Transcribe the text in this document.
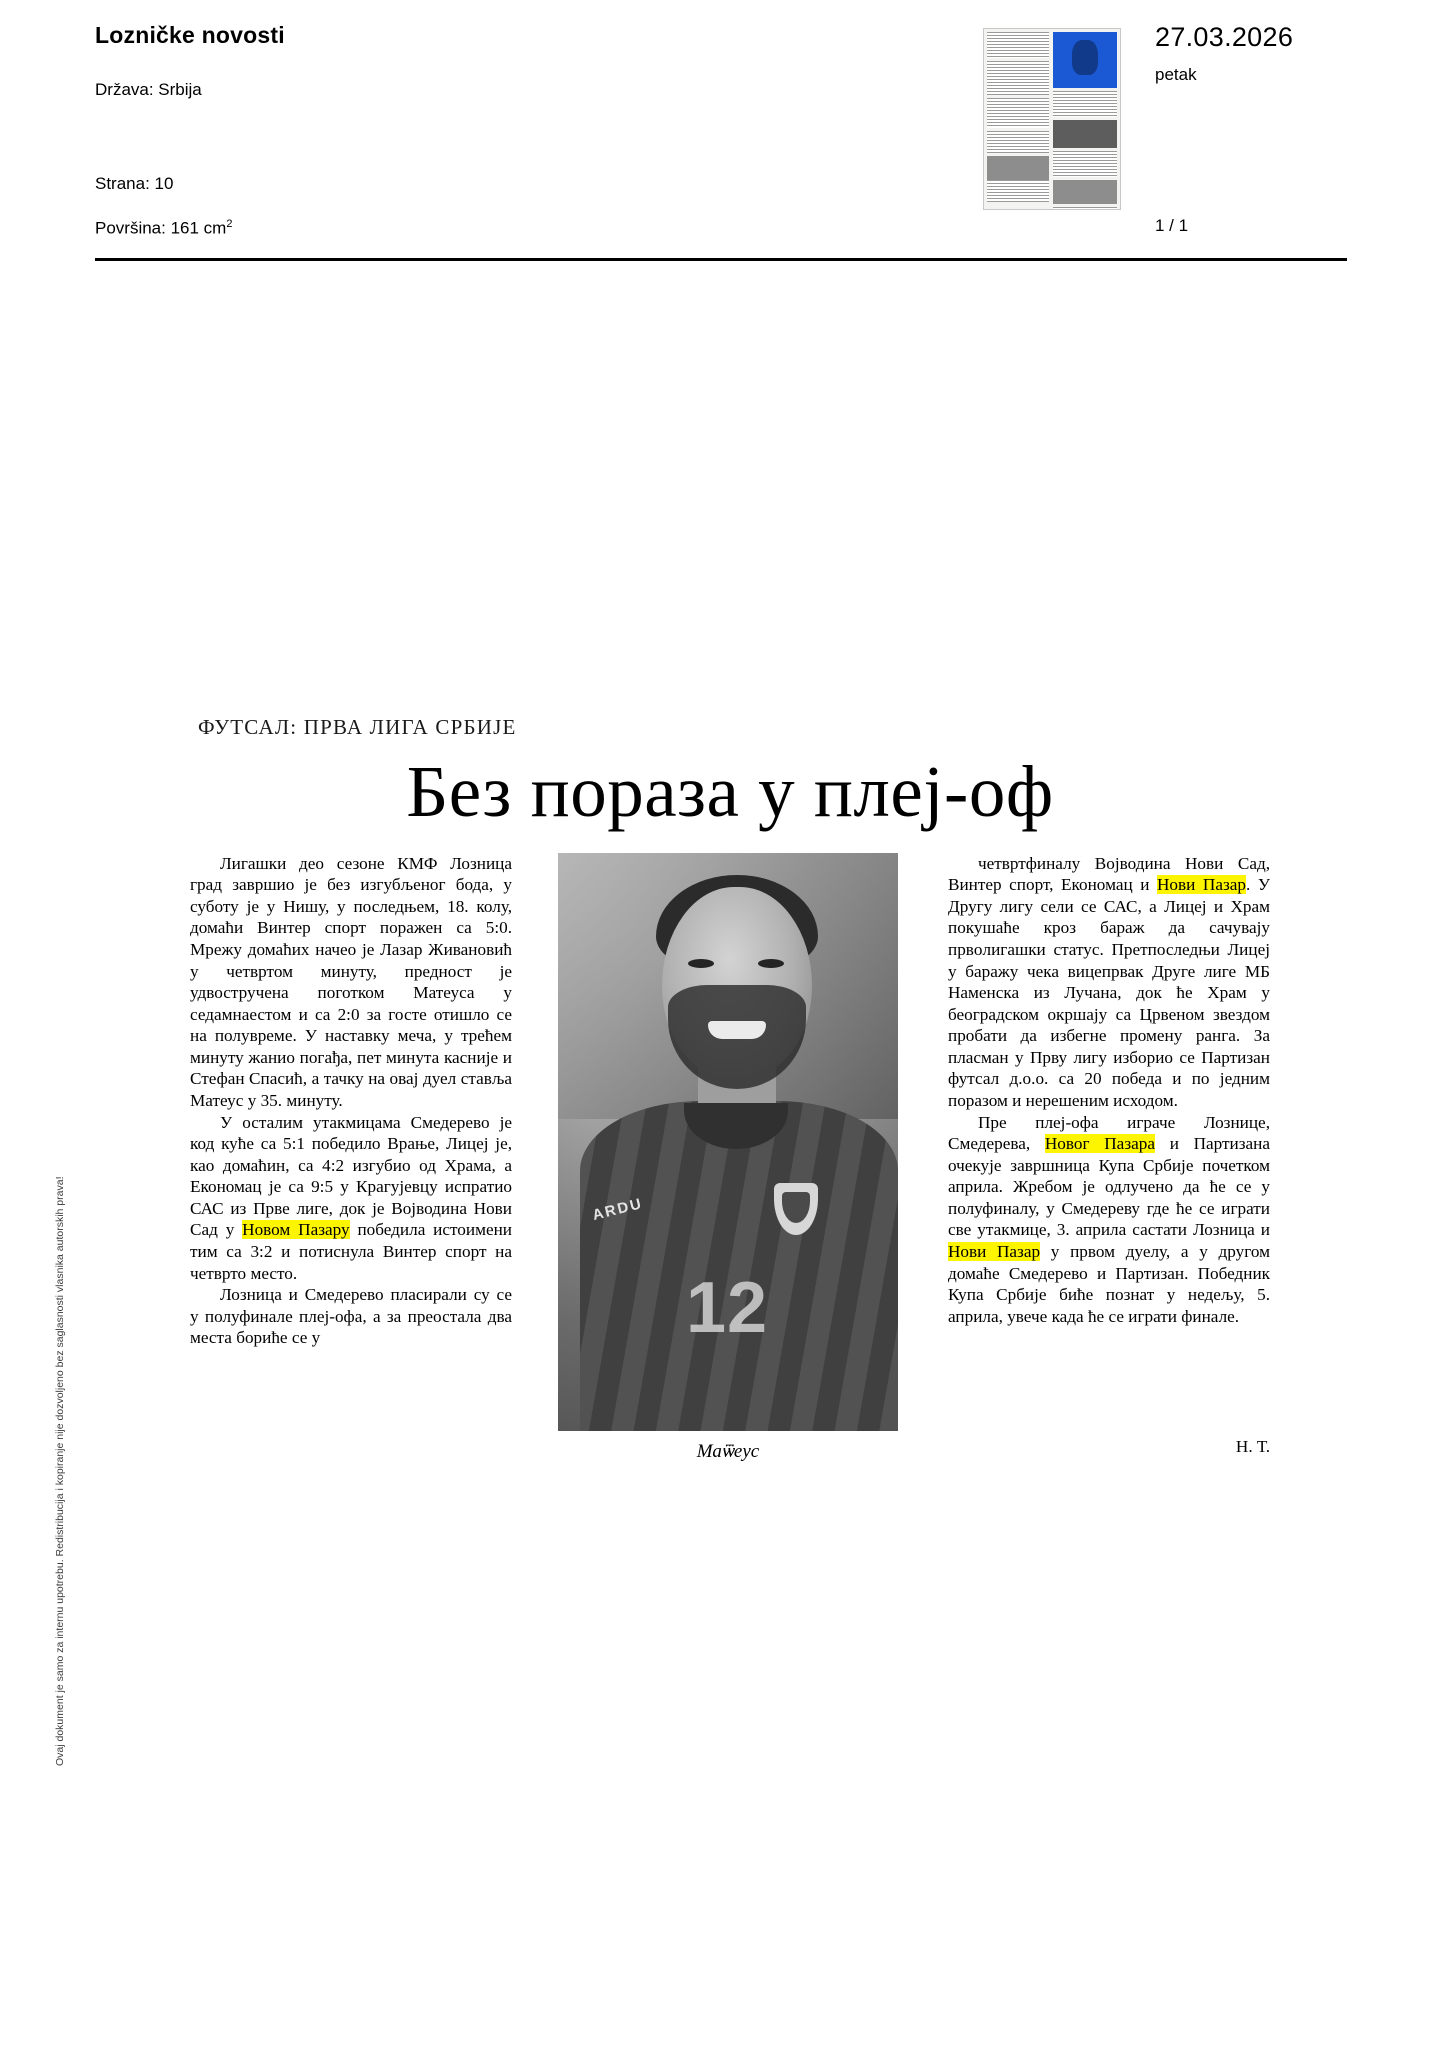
Lozničke novosti
Država: Srbija
Strana: 10
Površina: 161 $cm^2$
27.03.2026
petak
1 / 1
Ovaj dokument je samo za internu upotrebu. Redistribucija i kopiranje nije dozvoljeno bez saglasnosti vlasnika autorskih prava!
ФУТСАЛ: ПРВА ЛИГА СРБИЈЕ
Без пораза у плеј-оф

Лигашки део сезоне КМФ Лозница град завршио је без изгубљеног бода, у суботу је у Нишу, у последњем, 18. колу, домаћи Винтер спорт поражен са 5:0. Мрежу домаћих начео је Лазар Живановић у четвртом минуту, предност је удвостручена поготком Матеуса у седамнаестом и са 2:0 за госте отишло се на полувреме. У наставку меча, у трећем минуту жанио погађа, пет минута касније и Стефан Спасић, а тачку на овај дуел ставља Матеус у 35. минуту.

У осталим утакмицама Смедерево је код куће са 5:1 победило Врање, Лицеј је, као домаћин, са 4:2 изгубио од Храма, а Економац је са 9:5 у Крагујевцу испратио САС из Прве лиге, док је Војводина Нови Сад у Новом Пазару победила истоимени тим са 3:2 и потиснула Винтер спорт на четврто место.

Лозница и Смедерево пласирали су се у полуфинале плеј-офа, а за преостала два места бориће се у

ARDU
12
Маѿеус

четвртфиналу Војводина Нови Сад, Винтер спорт, Економац и Нови Пазар. У Другу лигу сели се САС, а Лицеј и Храм покушаће кроз бараж да сачувају првoлигашки статус. Претпоследњи Лицеј у баражу чека вицепрвак Друге лиге МБ Наменска из Лучана, док ће Храм у београдском окршају са Црвеном звездом пробати да избегне промену ранга. За пласман у Прву лигу изборио се Партизан футсал д.о.о. са 20 победа и по једним поразом и нерешеним исходом.

Пре плеј-офа играче Лознице, Смедерева, Новог Пазара и Партизана очекује завршница Купа Србије почетком априла. Жребом је одлучено да ће се у полуфиналу, у Смедереву где ће се играти све утакмице, 3. априла састати Лозница и Нови Пазар у првом дуелу, а у другом домаће Смедерево и Партизан. Победник Купа Србије биће познат у недељу, 5. априла, увече када ће се играти финале.

Н. Т.
